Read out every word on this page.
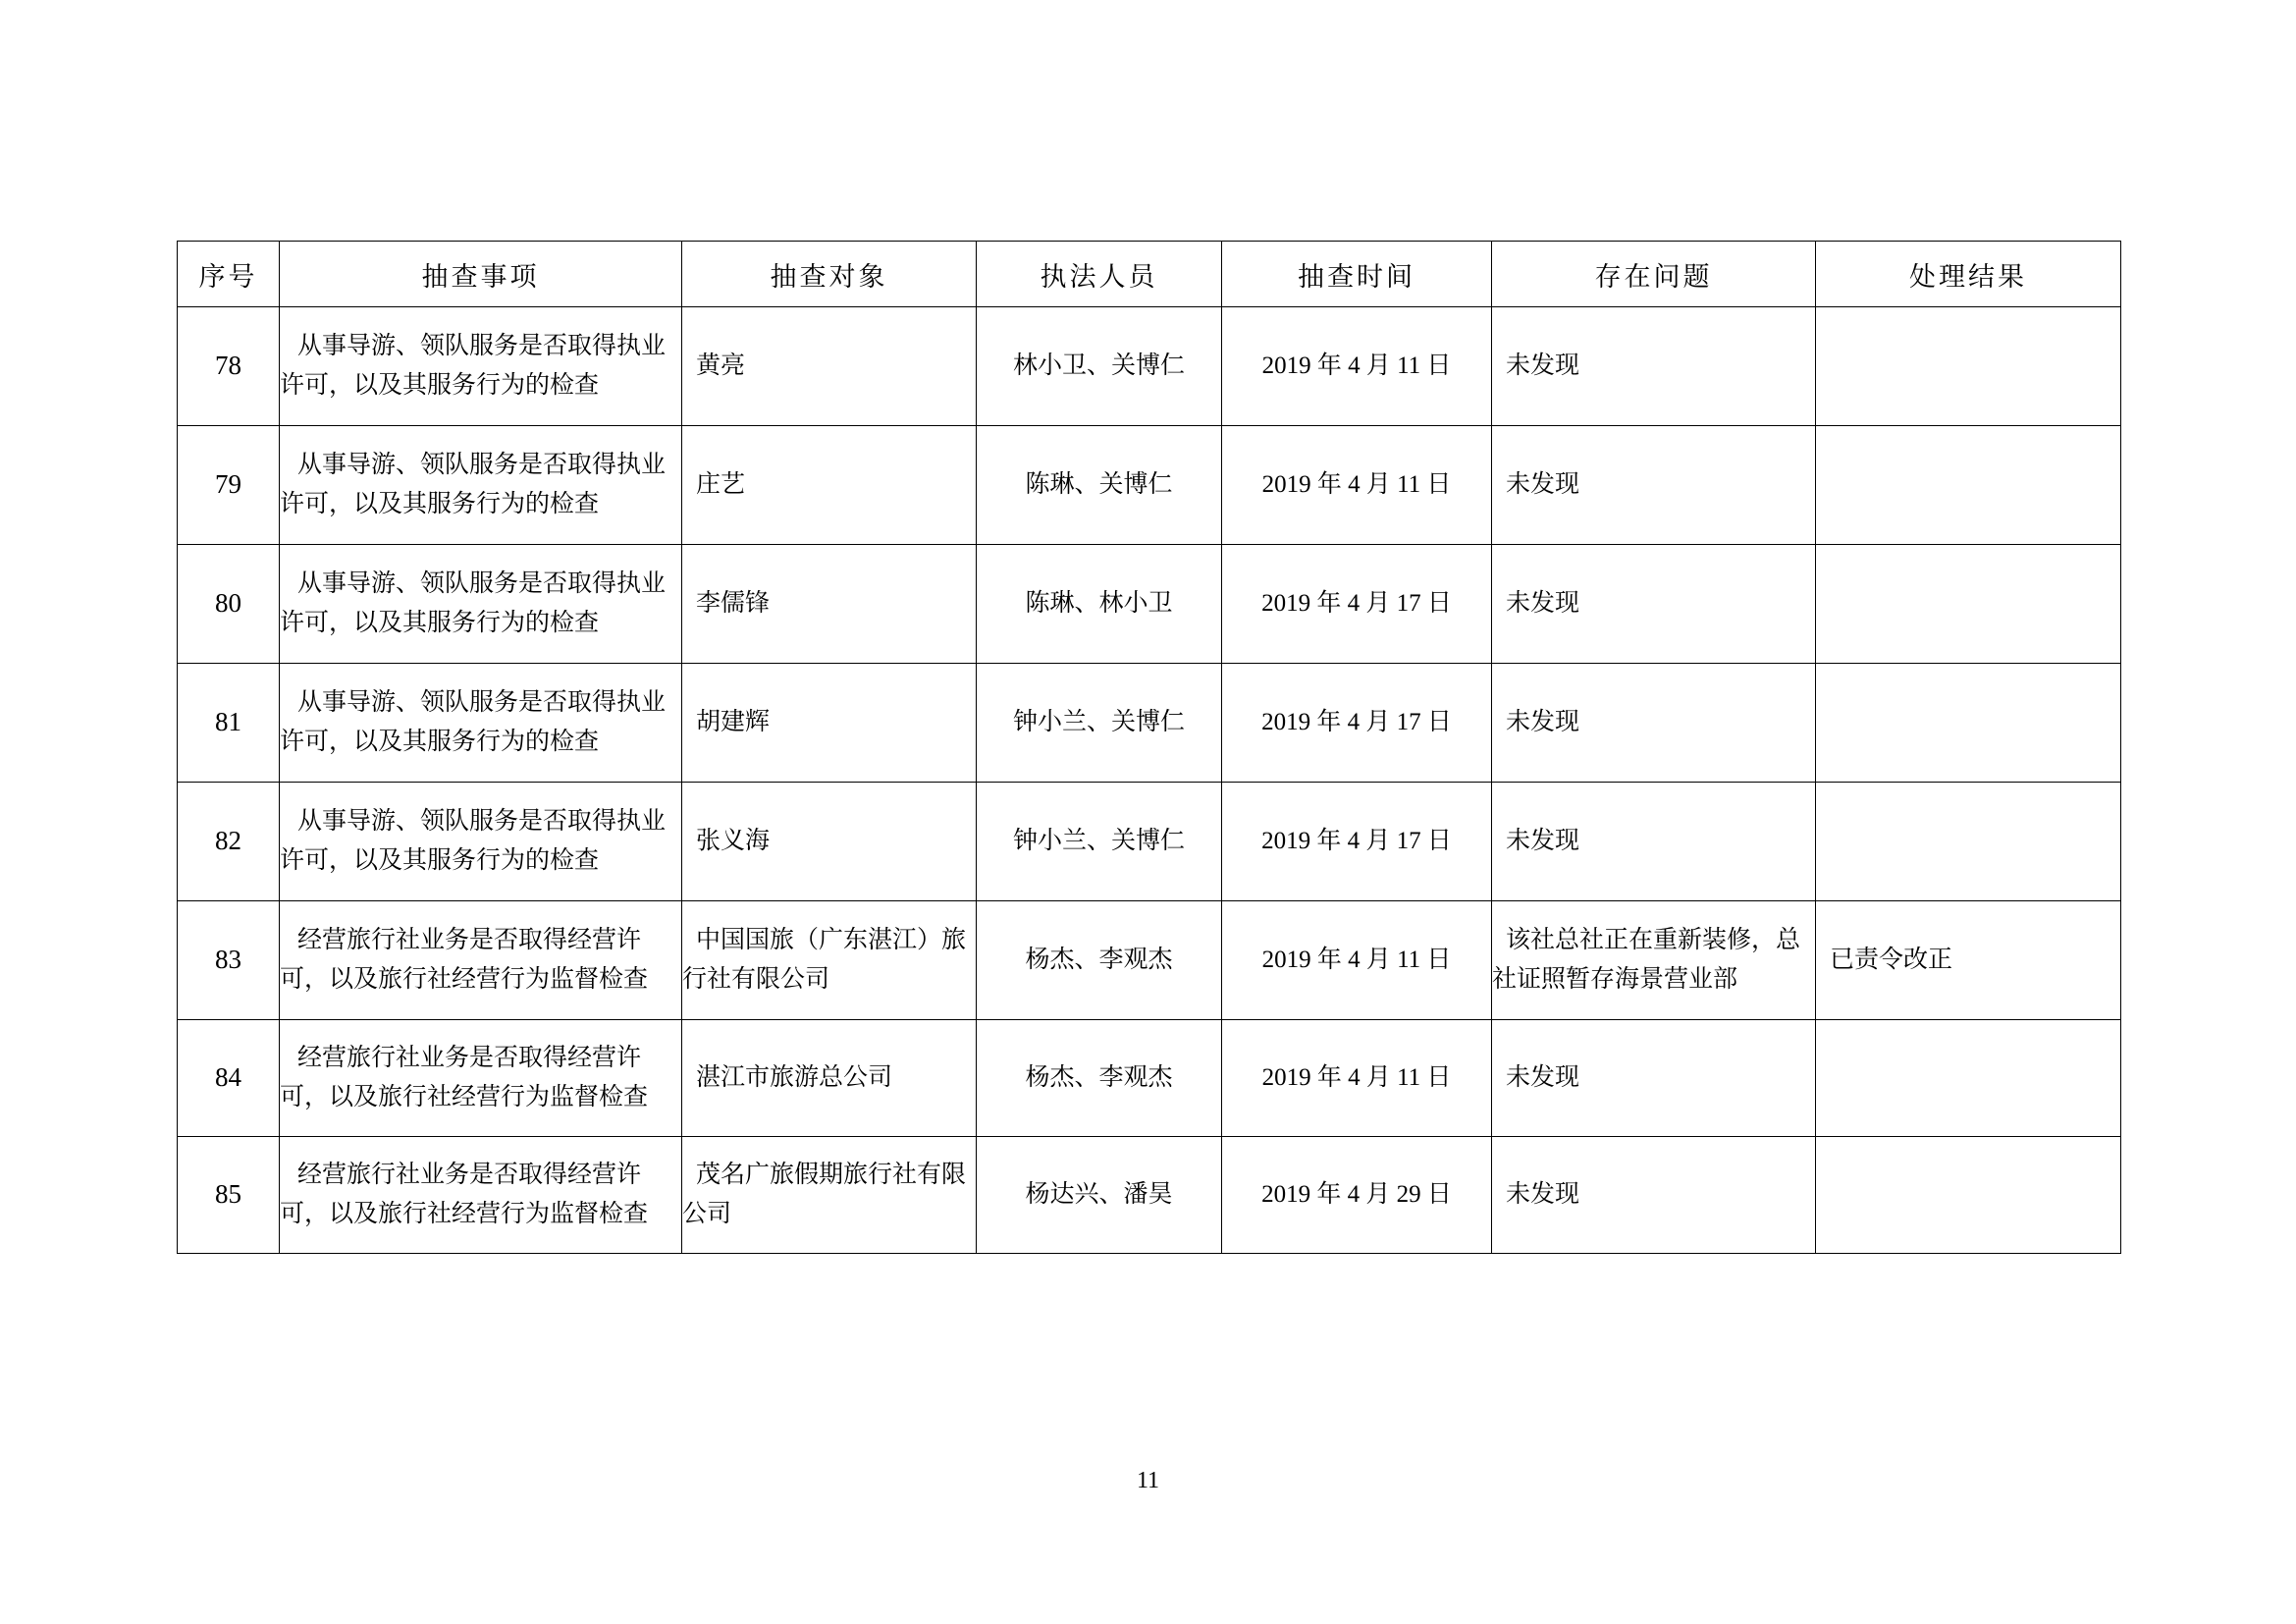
序号	抽查事项	抽查对象	执法人员	抽查时间	存在问题	处理结果

78	从事导游、领队服务是否取得执业许可，以及其服务行为的检查	黄亮	林小卫、关博仁	2019 年 4 月 11 日	未发现	
79	从事导游、领队服务是否取得执业许可，以及其服务行为的检查	庄艺	陈琳、关博仁	2019 年 4 月 11 日	未发现	
80	从事导游、领队服务是否取得执业许可，以及其服务行为的检查	李儒锋	陈琳、林小卫	2019 年 4 月 17 日	未发现	
81	从事导游、领队服务是否取得执业许可，以及其服务行为的检查	胡建辉	钟小兰、关博仁	2019 年 4 月 17 日	未发现	
82	从事导游、领队服务是否取得执业许可，以及其服务行为的检查	张义海	钟小兰、关博仁	2019 年 4 月 17 日	未发现	
83	经营旅行社业务是否取得经营许可，以及旅行社经营行为监督检查	中国国旅（广东湛江）旅行社有限公司	杨杰、李观杰	2019 年 4 月 11 日	该社总社正在重新装修，总社证照暂存海景营业部	已责令改正
84	经营旅行社业务是否取得经营许可，以及旅行社经营行为监督检查	湛江市旅游总公司	杨杰、李观杰	2019 年 4 月 11 日	未发现	
85	经营旅行社业务是否取得经营许可，以及旅行社经营行为监督检查	茂名广旅假期旅行社有限公司	杨达兴、潘昊	2019 年 4 月 29 日	未发现	
11
